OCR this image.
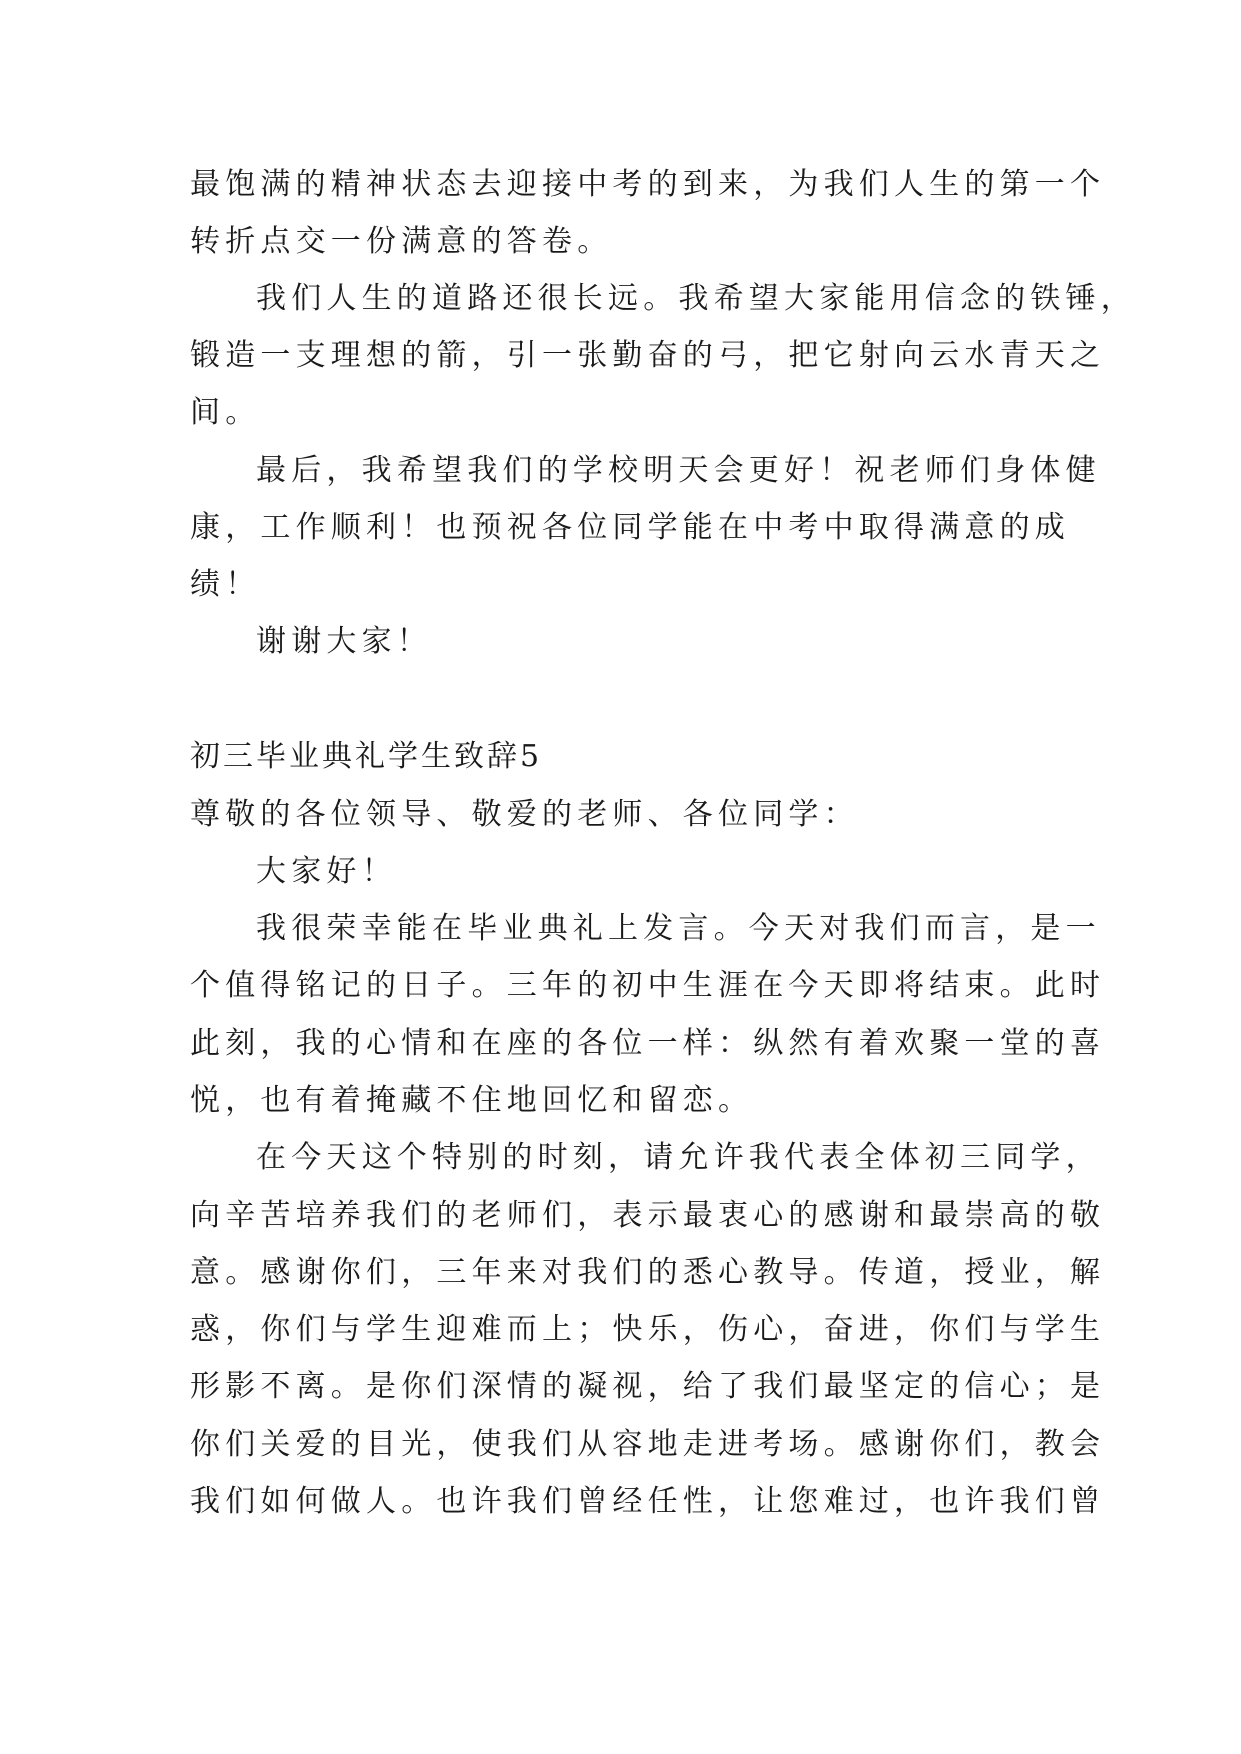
最饱满的精神状态去迎接中考的到来，为我们人生的第一个
转折点交一份满意的答卷。
我们人生的道路还很长远。我希望大家能用信念的铁锤，
锻造一支理想的箭，引一张勤奋的弓，把它射向云水青天之
间。
最后，我希望我们的学校明天会更好！祝老师们身体健
康，工作顺利！也预祝各位同学能在中考中取得满意的成
绩！
谢谢大家！
初三毕业典礼学生致辞5
尊敬的各位领导、敬爱的老师、各位同学：
大家好！
我很荣幸能在毕业典礼上发言。今天对我们而言，是一
个值得铭记的日子。三年的初中生涯在今天即将结束。此时
此刻，我的心情和在座的各位一样：纵然有着欢聚一堂的喜
悦，也有着掩藏不住地回忆和留恋。
在今天这个特别的时刻，请允许我代表全体初三同学，
向辛苦培养我们的老师们，表示最衷心的感谢和最崇高的敬
意。感谢你们，三年来对我们的悉心教导。传道，授业，解
惑，你们与学生迎难而上；快乐，伤心，奋进，你们与学生
形影不离。是你们深情的凝视，给了我们最坚定的信心；是
你们关爱的目光，使我们从容地走进考场。感谢你们，教会
我们如何做人。也许我们曾经任性，让您难过，也许我们曾
